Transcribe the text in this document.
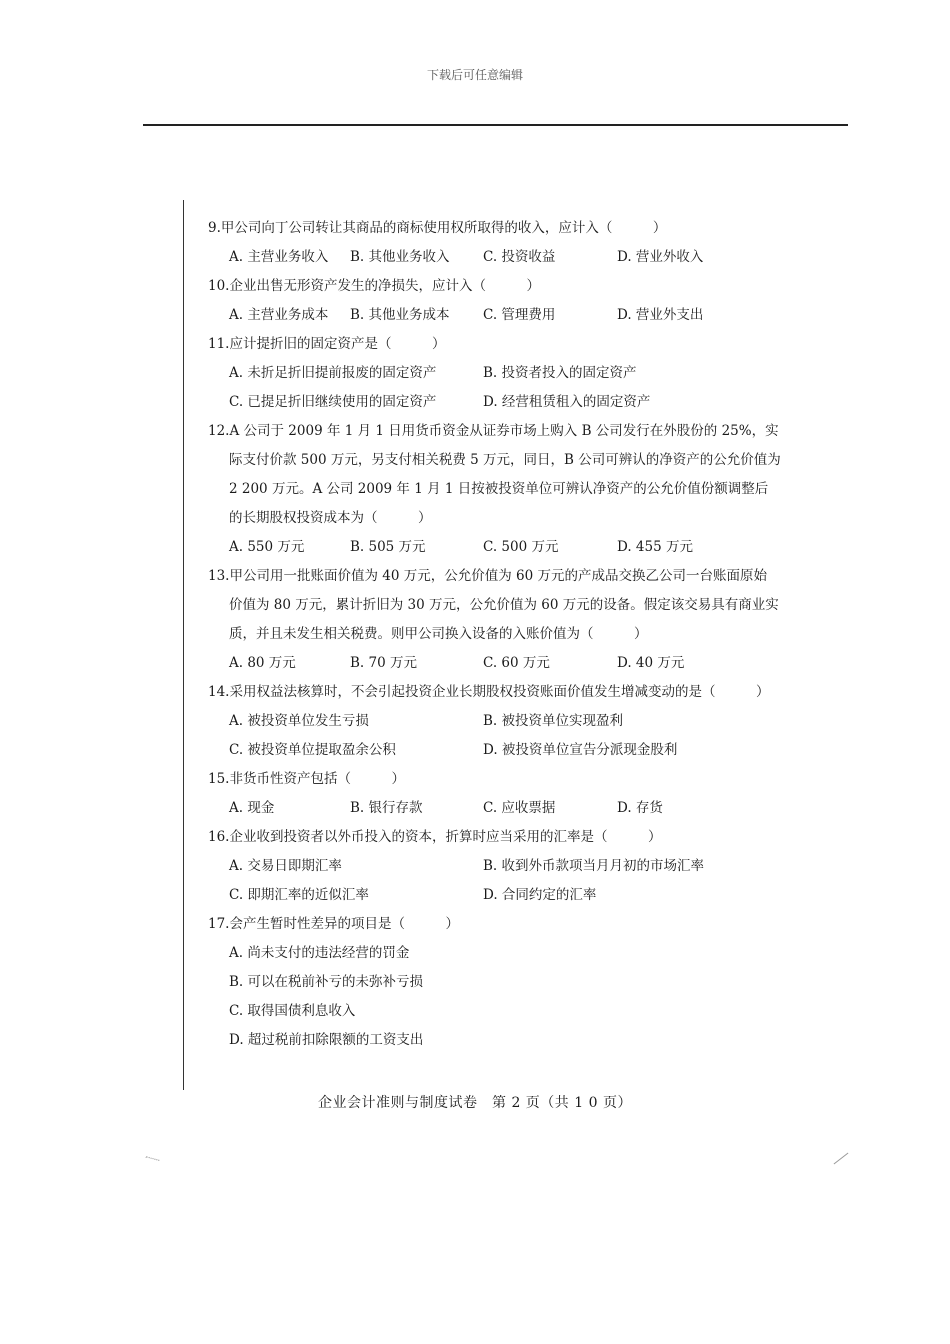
下载后可任意编辑
9.甲公司向丁公司转让其商品的商标使用权所取得的收入，应计入（　　　）
A. 主营业务收入 B. 其他业务收入 C. 投资收益	D. 营业外收入
10.企业出售无形资产发生的净损失，应计入（　　　）
A. 主营业务成本 B. 其他业务成本 C. 管理费用	D. 营业外支出
11.应计提折旧的固定资产是（　　　）
A. 未折足折旧提前报废的固定资产	B. 投资者投入的固定资产
C. 已提足折旧继续使用的固定资产	D. 经营租赁租入的固定资产
12.A 公司于 2009 年 1 月 1 日用货币资金从证券市场上购入 B 公司发行在外股份的 25%，实
际支付价款 500 万元，另支付相关税费 5 万元，同日，B 公司可辨认的净资产的公允价值为
2 200 万元。A 公司 2009 年 1 月 1 日按被投资单位可辨认净资产的公允价值份额调整后
的长期股权投资成本为（　　　）
A. 550 万元	B. 505 万元	C. 500 万元	D. 455 万元
13.甲公司用一批账面价值为 40 万元，公允价值为 60 万元的产成品交换乙公司一台账面原始
价值为 80 万元，累计折旧为 30 万元，公允价值为 60 万元的设备。假定该交易具有商业实
质，并且未发生相关税费。则甲公司换入设备的入账价值为（　　　）
A. 80 万元	B. 70 万元	C. 60 万元	D. 40 万元
14.采用权益法核算时，不会引起投资企业长期股权投资账面价值发生增减变动的是（　　　）
A. 被投资单位发生亏损	B. 被投资单位实现盈利
C. 被投资单位提取盈余公积	D. 被投资单位宣告分派现金股利
15.非货币性资产包括（　　　）
A. 现金	B. 银行存款	C. 应收票据	D. 存货
16.企业收到投资者以外币投入的资本，折算时应当采用的汇率是（　　　）
A. 交易日即期汇率	B. 收到外币款项当月月初的市场汇率
C. 即期汇率的近似汇率	D. 合同约定的汇率
17.会产生暂时性差异的项目是（　　　）
A. 尚未支付的违法经营的罚金
B. 可以在税前补亏的未弥补亏损
C. 取得国债利息收入
D. 超过税前扣除限额的工资支出
企业会计准则与制度试卷　第 2 页（共 1 0 页）
